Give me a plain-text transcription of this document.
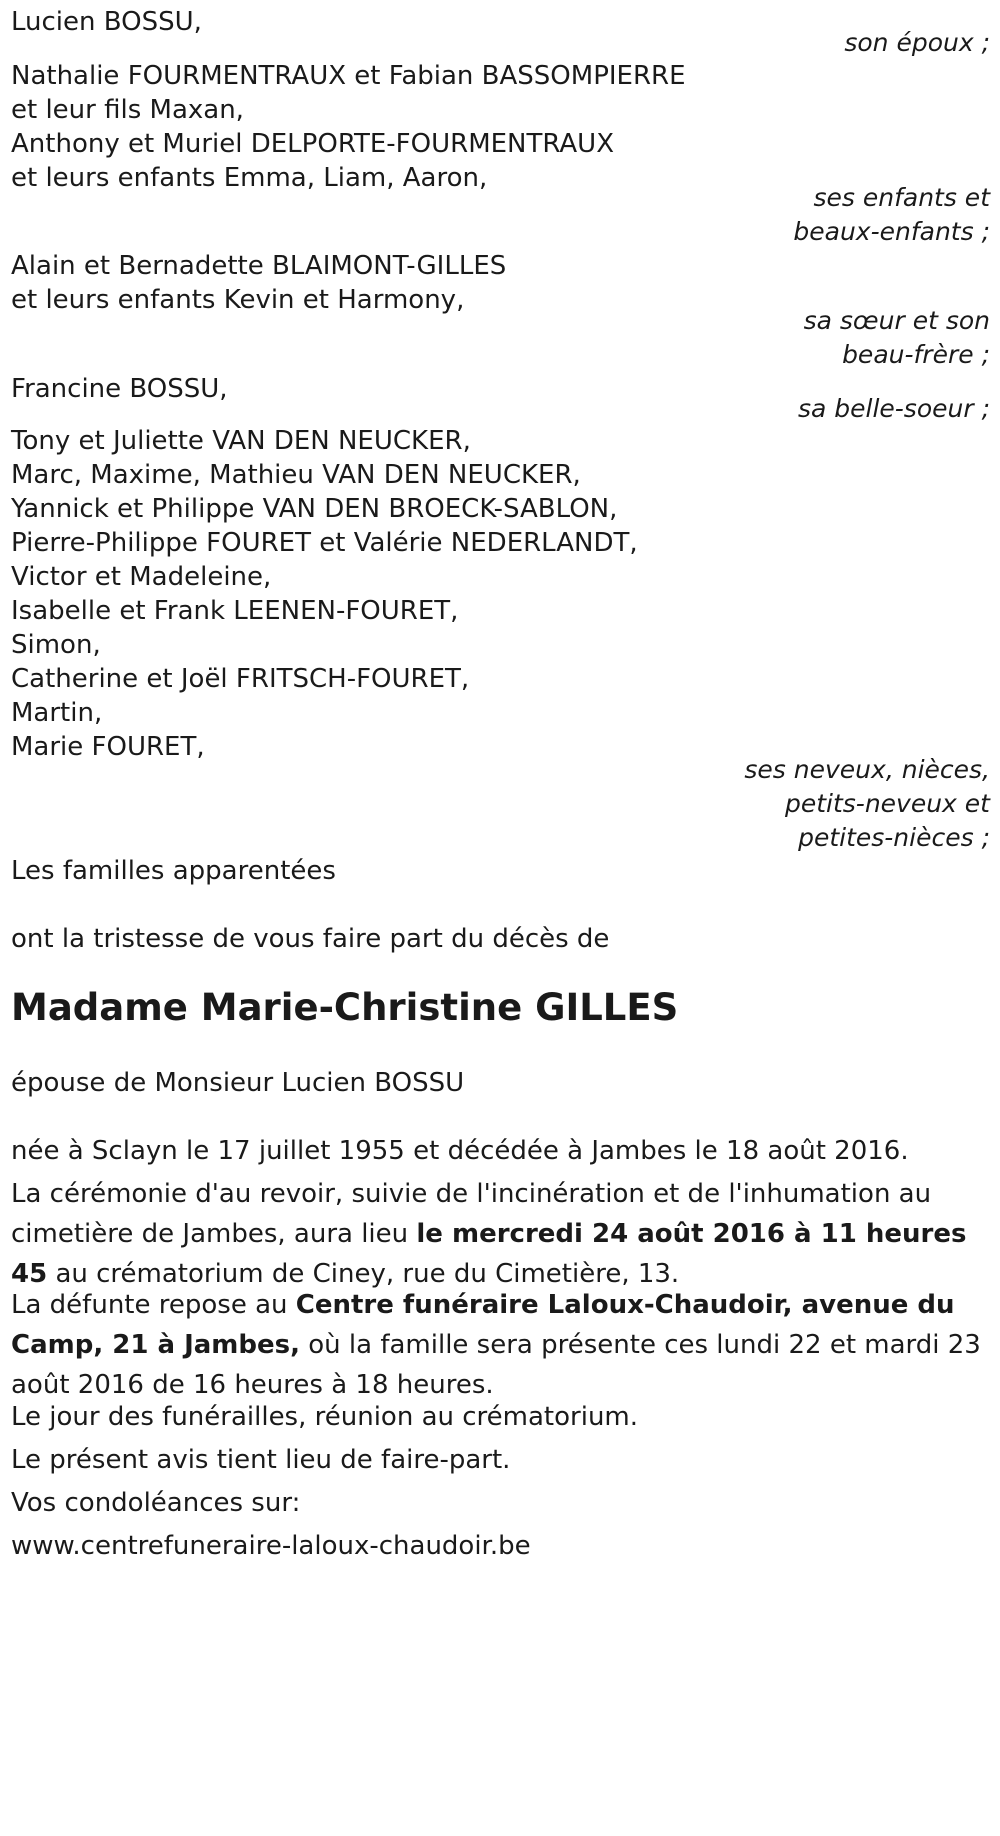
Lucien BOSSU,
son époux ;
Nathalie FOURMENTRAUX et Fabian BASSOMPIERRE
et leur fils Maxan,
Anthony et Muriel DELPORTE-FOURMENTRAUX
et leurs enfants Emma, Liam, Aaron,
ses enfants et
beaux-enfants ;
Alain et Bernadette BLAIMONT-GILLES
et leurs enfants Kevin et Harmony,
sa sœur et son
beau-frère ;
Francine BOSSU,
sa belle-soeur ;
Tony et Juliette VAN DEN NEUCKER,
Marc, Maxime, Mathieu VAN DEN NEUCKER,
Yannick et Philippe VAN DEN BROECK-SABLON,
Pierre-Philippe FOURET et Valérie NEDERLANDT,
Victor et Madeleine,
Isabelle et Frank LEENEN-FOURET,
Simon,
Catherine et Joël FRITSCH-FOURET,
Martin,
Marie FOURET,
ses neveux, nièces,
petits-neveux et
petites-nièces ;
Les familles apparentées
ont la tristesse de vous faire part du décès de
Madame Marie-Christine GILLES
épouse de Monsieur Lucien BOSSU
née à Sclayn le 17 juillet 1955 et décédée à Jambes le 18 août 2016.
La cérémonie d'au revoir, suivie de l'incinération et de l'inhumation au cimetière de Jambes, aura lieu le mercredi 24 août 2016 à 11 heures 45 au crématorium de Ciney, rue du Cimetière, 13.
La défunte repose au Centre funéraire Laloux-Chaudoir, avenue du Camp, 21 à Jambes, où la famille sera présente ces lundi 22 et mardi 23 août 2016 de 16 heures à 18 heures.
Le jour des funérailles, réunion au crématorium.
Le présent avis tient lieu de faire-part.
Vos condoléances sur:
www.centrefuneraire-laloux-chaudoir.be
